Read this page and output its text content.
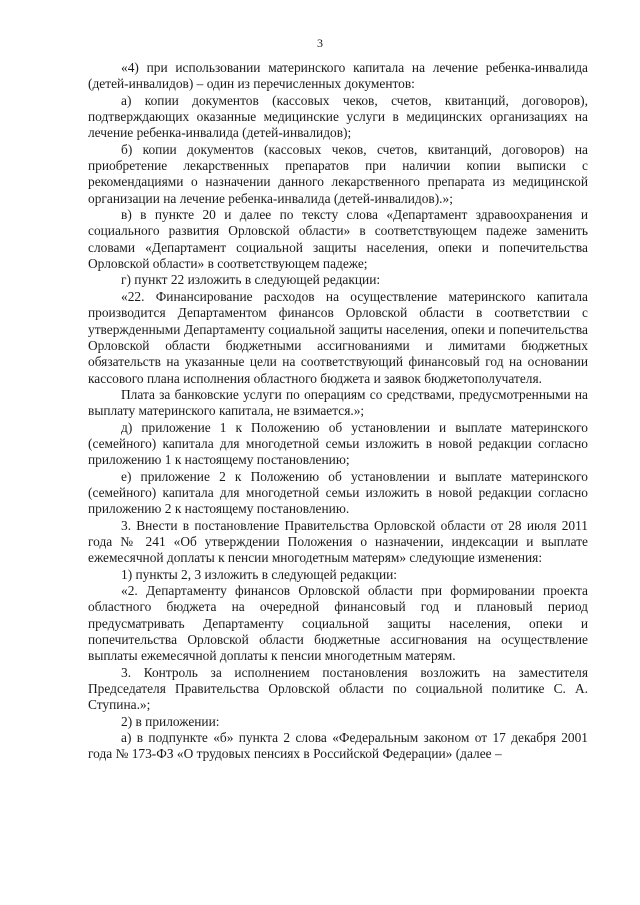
3

«4) при использовании материнского капитала на лечение ребенка-инвалида (детей-инвалидов) – один из перечисленных документов:

а) копии документов (кассовых чеков, счетов, квитанций, договоров), подтверждающих оказанные медицинские услуги в медицинских организациях на лечение ребенка-инвалида (детей-инвалидов);

б) копии документов (кассовых чеков, счетов, квитанций, договоров) на приобретение лекарственных препаратов при наличии копии выписки с рекомендациями о назначении данного лекарственного препарата из медицинской организации на лечение ребенка-инвалида (детей-инвалидов).»;

в) в пункте 20 и далее по тексту слова «Департамент здравоохранения и социального развития Орловской области» в соответствующем падеже заменить словами «Департамент социальной защиты населения, опеки и попечительства Орловской области» в соответствующем падеже;

г) пункт 22 изложить в следующей редакции:

«22. Финансирование расходов на осуществление материнского капитала производится Департаментом финансов Орловской области в соответствии с утвержденными Департаменту социальной защиты населения, опеки и попечительства Орловской области бюджетными ассигнованиями и лимитами бюджетных обязательств на указанные цели на соответствующий финансовый год на основании кассового плана исполнения областного бюджета и заявок бюджетополучателя.

Плата за банковские услуги по операциям со средствами, предусмотренными на выплату материнского капитала, не взимается.»;

д) приложение 1 к Положению об установлении и выплате материнского (семейного) капитала для многодетной семьи изложить в новой редакции согласно приложению 1 к настоящему постановлению;

е) приложение 2 к Положению об установлении и выплате материнского (семейного) капитала для многодетной семьи изложить в новой редакции согласно приложению 2 к настоящему постановлению.

3. Внести в постановление Правительства Орловской области от 28 июля 2011 года № 241 «Об утверждении Положения о назначении, индексации и выплате ежемесячной доплаты к пенсии многодетным матерям» следующие изменения:

1) пункты 2, 3 изложить в следующей редакции:

«2. Департаменту финансов Орловской области при формировании проекта областного бюджета на очередной финансовый год и плановый период предусматривать Департаменту социальной защиты населения, опеки и попечительства Орловской области бюджетные ассигнования на осуществление выплаты ежемесячной доплаты к пенсии многодетным матерям.

3. Контроль за исполнением постановления возложить на заместителя Председателя Правительства Орловской области по социальной политике С. А. Ступина.»;

2) в приложении:

а) в подпункте «б» пункта 2 слова «Федеральным законом от 17 декабря 2001 года № 173-ФЗ «О трудовых пенсиях в Российской Федерации» (далее –
